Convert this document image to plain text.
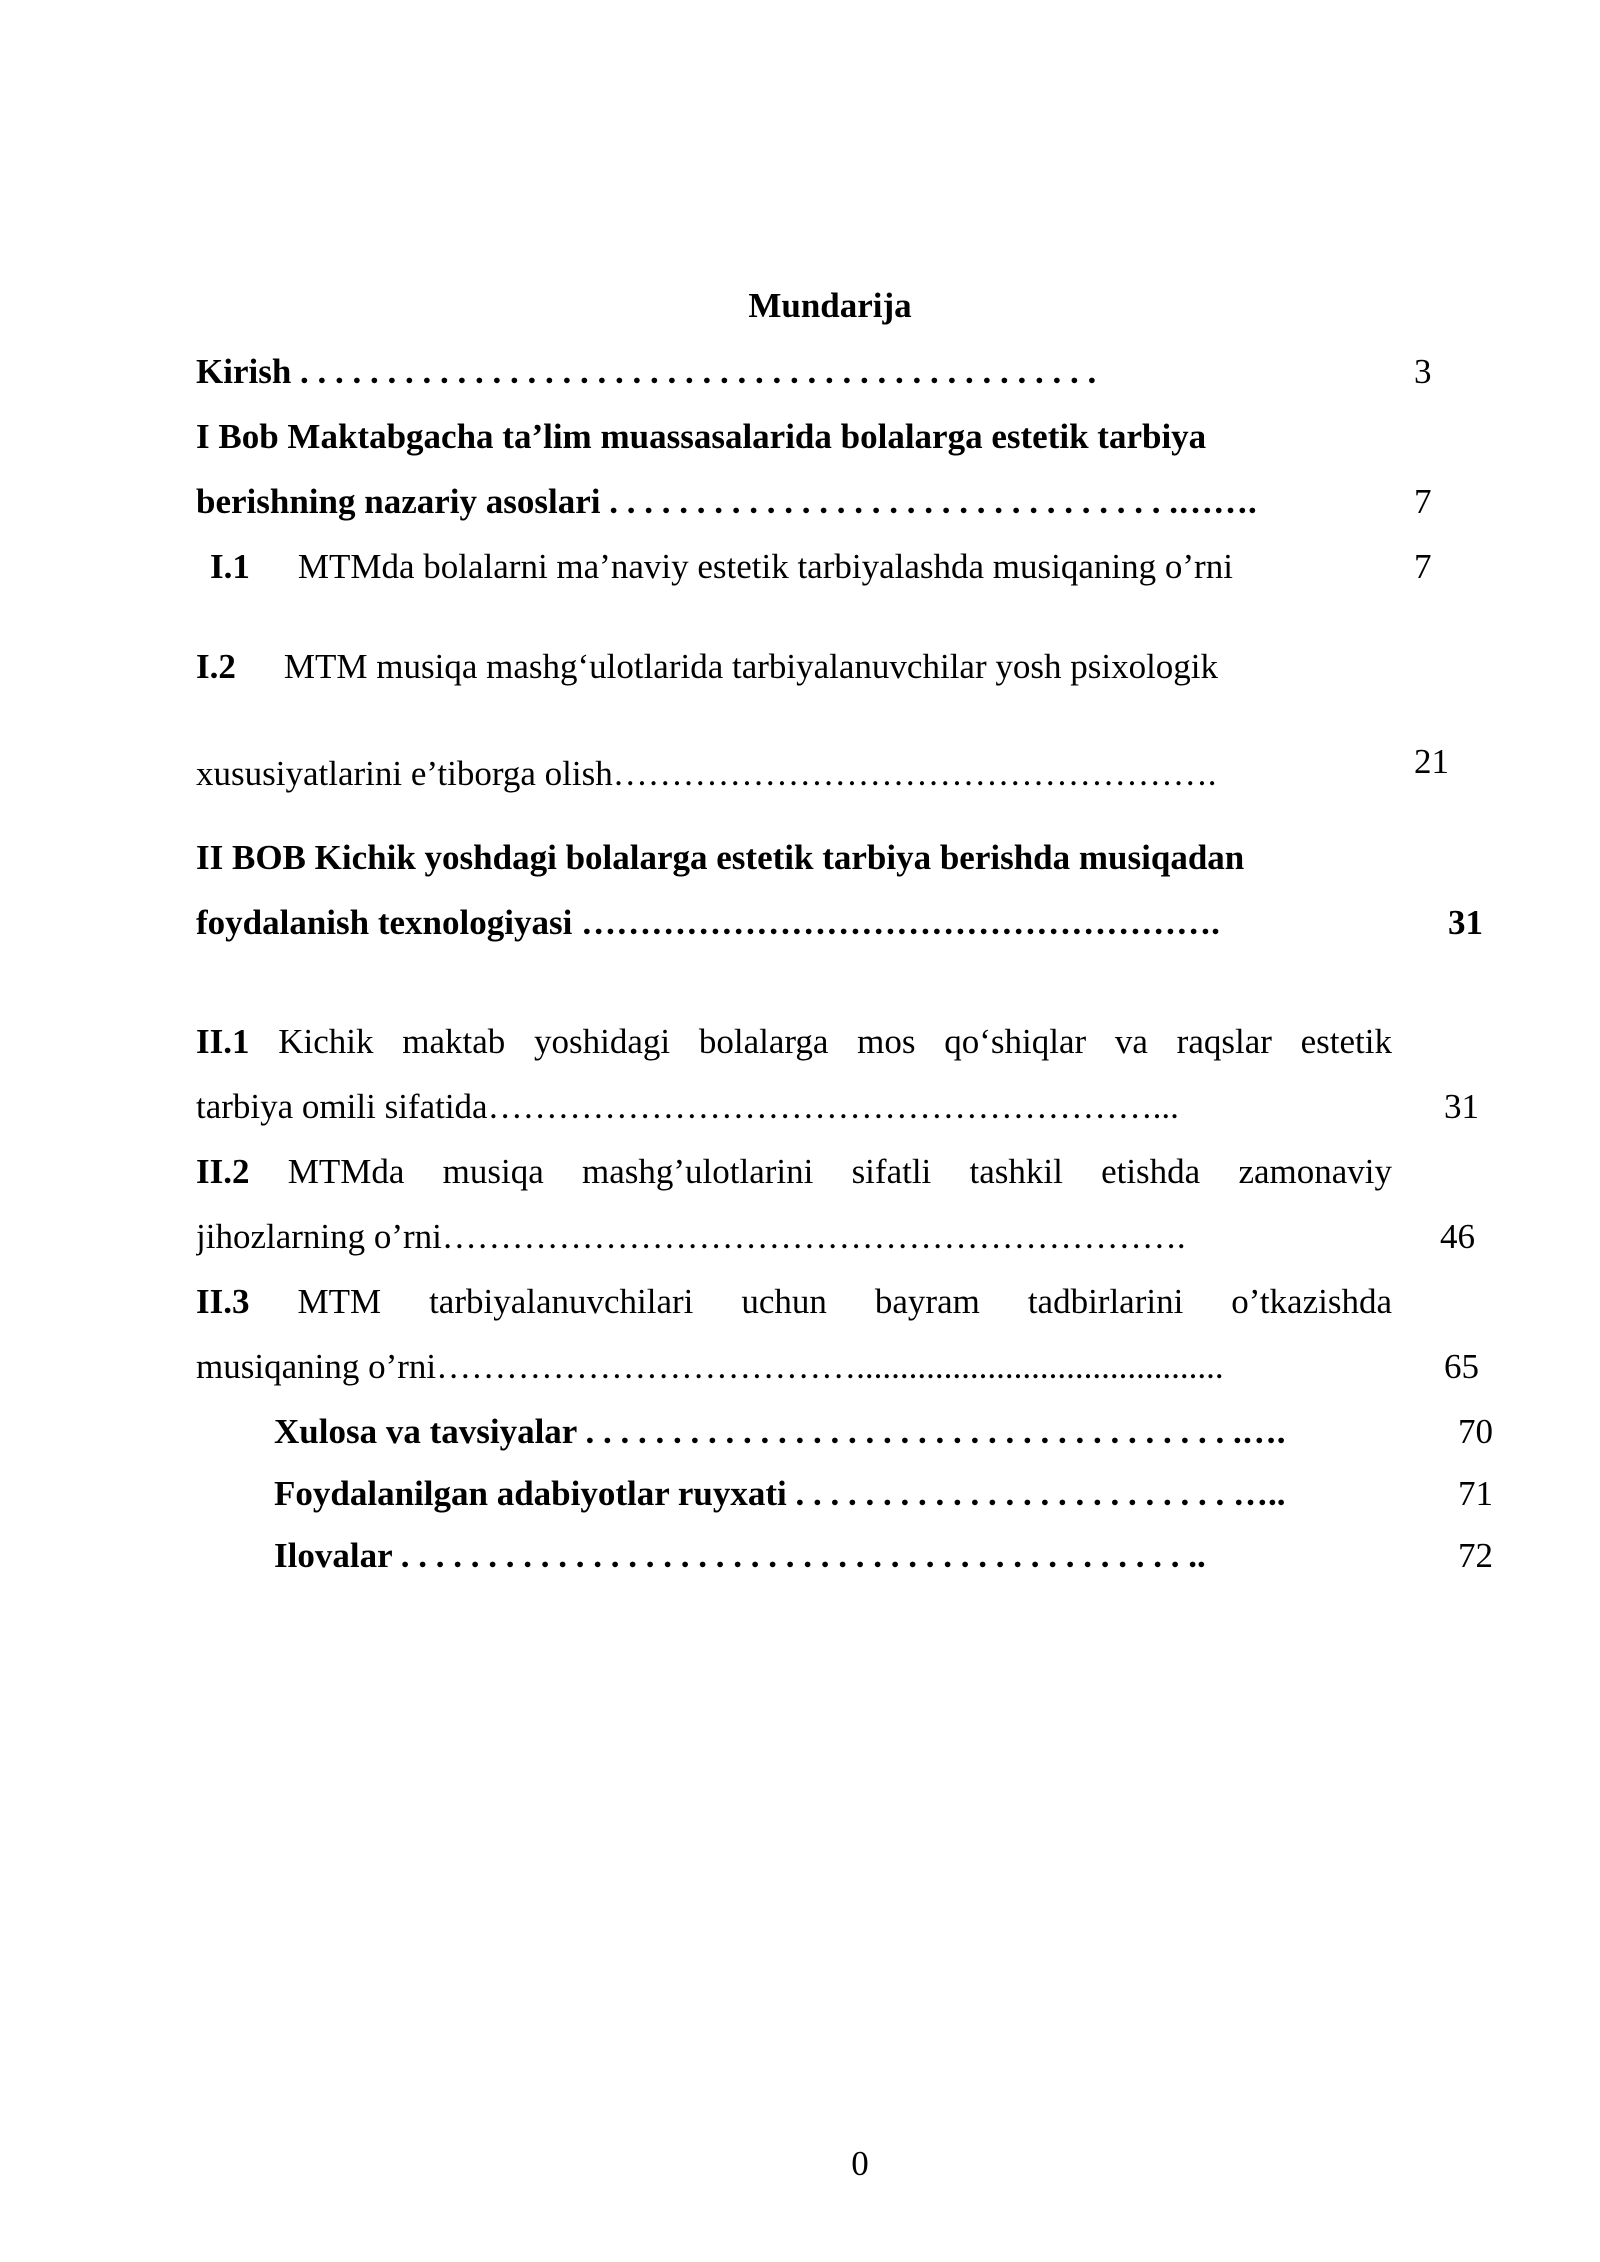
Mundarija
Kirish . . . . . . . . . . . . . . . . . . . . . . . . . . . . . . . . . . . . . . . . . . . . . .	3
I Bob Maktabgacha ta’lim muassasalarida bolalarga estetik tarbiya
berishning nazariy asoslari . . . . . . . . . . . . . . . . . . . . . . . . . . . . . . . . .…….	7
I.1 MTMda bolalarni ma’naviy estetik tarbiyalashda musiqaning o’rni	7
I.2 MTM musiqa mashg‘ulotlarida tarbiyalanuvchilar yosh psixologik
xususiyatlarini e’tiborga olish…………………………………………….	21
II BOB Kichik yoshdagi bolalarga estetik tarbiya berishda musiqadan
foydalanish texnologiyasi ……………………………………………….	31
II.1 Kichik maktab yoshidagi bolalarga mos qo‘shiqlar va raqslar estetik
tarbiya omili sifatida…………………………………………………...	31
II.2 MTMda musiqa mashg’ulotlarini sifatli tashkil etishda zamonaviy
jihozlarning o’rni……………………………………………………….	46
II.3 MTM tarbiyalanuvchilari uchun bayram tadbirlarini o’tkazishda
musiqaning o’rni………………………………..........................................	65
Xulosa va tavsiyalar . . . . . . . . . . . . . . . . . . . . . . . . . . . . . . . . . . . . . .….	70
Foydalanilgan adabiyotlar ruyxati . . . . . . . . . . . . . . . . . . . . . . . . . …..	71
Ilovalar . . . . . . . . . . . . . . . . . . . . . . . . . . . . . . . . . . . . . . . . . . . . . ..	72
0
